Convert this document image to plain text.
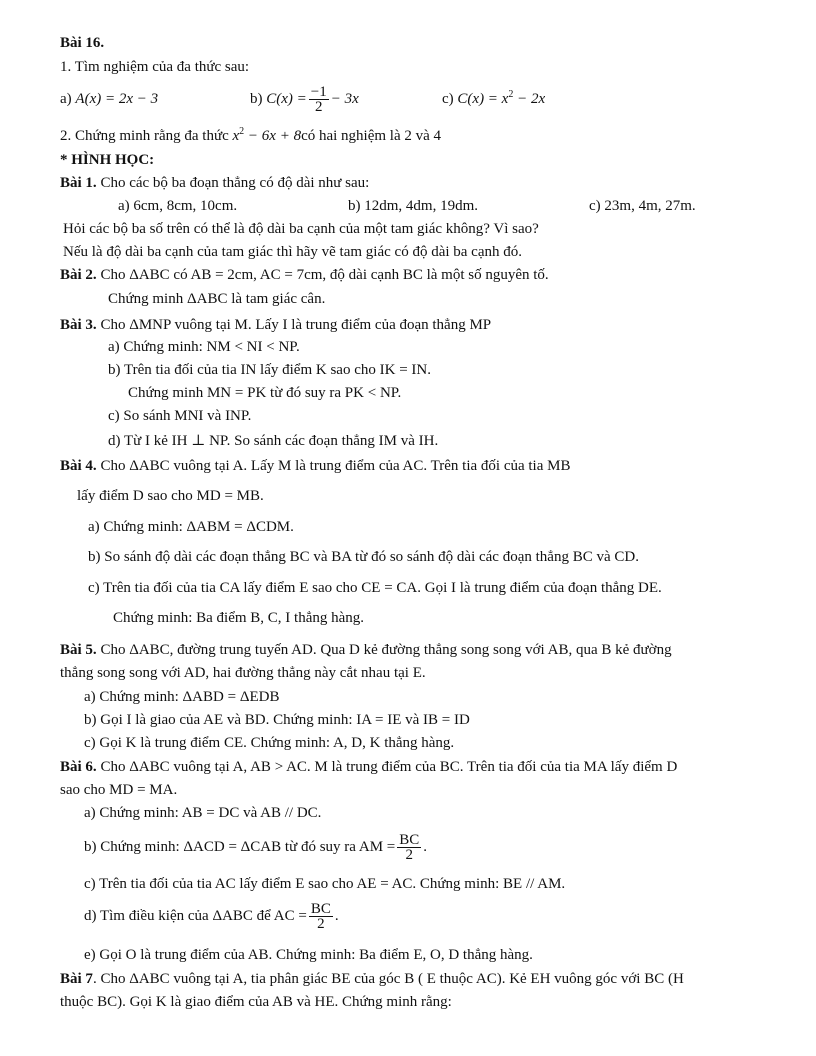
Bài 16.
1. Tìm nghiệm của đa thức sau:
a) A(x) = 2x − 3	b) $C(x) = \frac{-1}{2} - 3x$	c) $C(x) = x^2 - 2x$
2. Chứng minh rằng đa thức $x^2 - 6x$ + 8có hai nghiệm là 2 và 4
* HÌNH HỌC:
Bài 1. Cho các bộ ba đoạn thẳng có độ dài như sau:
a) 6cm, 8cm, 10cm.	b) 12dm, 4dm, 19dm.	c) 23m, 4m, 27m.
Hỏi các bộ ba số trên có thể là độ dài ba cạnh của một tam giác không? Vì sao?
Nếu là độ dài ba cạnh của tam giác thì hãy vẽ tam giác có độ dài ba cạnh đó.
Bài 2. Cho ΔABC có AB = 2cm, AC = 7cm, độ dài cạnh BC là một số nguyên tố.
Chứng minh ΔABC là tam giác cân.
Bài 3. Cho ΔMNP vuông tại M. Lấy I là trung điểm của đoạn thẳng MP
a) Chứng minh: NM < NI < NP.
b) Trên tia đối của tia IN lấy điểm K sao cho IK = IN.
Chứng minh MN = PK từ đó suy ra PK < NP.
c) So sánh MNI và INP.
d) Từ I kẻ IH ⊥ NP. So sánh các đoạn thẳng IM và IH.
Bài 4. Cho ΔABC vuông tại A. Lấy M là trung điểm của AC. Trên tia đối của tia MB
lấy điểm D sao cho MD = MB.
a) Chứng minh: ΔABM = ΔCDM.
b) So sánh độ dài các đoạn thẳng BC và BA từ đó so sánh độ dài các đoạn thẳng BC và CD.
c) Trên tia đối của tia CA lấy điểm E sao cho CE = CA. Gọi I là trung điểm của đoạn thẳng DE.
Chứng minh: Ba điểm B, C, I thẳng hàng.
Bài 5. Cho ΔABC, đường trung tuyến AD. Qua D kẻ đường thẳng song song với AB, qua B kẻ đường
thẳng song song với AD, hai đường thẳng này cắt nhau tại E.
a) Chứng minh: ΔABD = ΔEDB
b) Gọi I là giao của AE và BD. Chứng minh: IA = IE và IB = ID
c) Gọi K là trung điểm CE. Chứng minh: A, D, K thẳng hàng.
Bài 6. Cho ΔABC vuông tại A, AB > AC. M là trung điểm của BC. Trên tia đối của tia MA lấy điểm D
sao cho MD = MA.
a) Chứng minh: AB = DC và AB // DC.
b) Chứng minh: ΔACD = ΔCAB từ đó suy ra AM = $\frac{BC}{2}$ .
c) Trên tia đối của tia AC lấy điểm E sao cho AE = AC. Chứng minh: BE // AM.
d) Tìm điều kiện của ΔABC để AC = $\frac{BC}{2}$ .
e) Gọi O là trung điểm của AB. Chứng minh: Ba điểm E, O, D thẳng hàng.
Bài 7. Cho ΔABC vuông tại A, tia phân giác BE của góc B ( E thuộc AC). Kẻ EH vuông góc với BC (H
thuộc BC). Gọi K là giao điểm của AB và HE. Chứng minh rằng:
